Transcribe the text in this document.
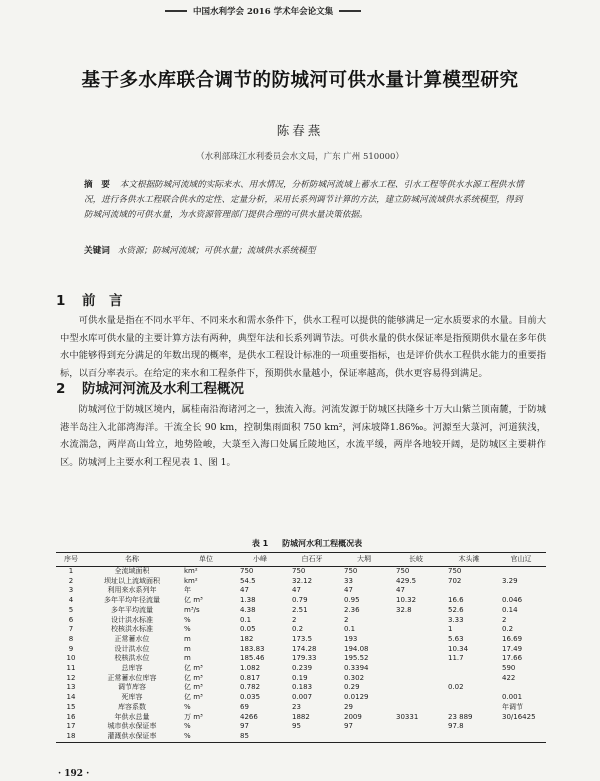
中国水利学会 2016 学术年会论文集
基于多水库联合调节的防城河可供水量计算模型研究
陈春燕
（水利部珠江水利委员会水文局，广东 广州 510000）
摘　要 本文根据防城河流域的实际来水、用水情况，分析防城河流域上蓄水工程、引水工程等供水水源工程供水情况，进行各供水工程联合供水的定性、定量分析，采用长系列调节计算的方法，建立防城河流域供水系统模型，得到防城河流域的可供水量，为水资源管理部门提供合理的可供水量决策依据。
关键词 水资源；防城河流域；可供水量；流域供水系统模型
1 前　言
可供水量是指在不同水平年、不同来水和需水条件下，供水工程可以提供的能够满足一定水质要求的水量。目前大中型水库可供水量的主要计算方法有两种，典型年法和长系列调节法。可供水量的供水保证率是指预期供水量在多年供水中能够得到充分满足的年数出现的概率，是供水工程设计标准的一项重要指标，也是评价供水工程供水能力的重要指标，以百分率表示。在给定的来水和工程条件下，预期供水量越小，保证率越高，供水更容易得到满足。
2 防城河河流及水利工程概况
防城河位于防城区境内，属桂南沿海诸河之一，独流入海。河流发源于防城区扶隆乡十万大山紫兰顶南麓，于防城港半岛注入北部湾海洋。干流全长 90 km，控制集雨面积 750 km²，河床坡降1.86‰。河源至大菉河，河道狭浅，水流湍急，两岸高山耸立，地势险峻，大菉至入海口处属丘陵地区，水流平缓，两岸各地较开阔，是防城区主要耕作区。防城河上主要水利工程见表 1、图 1。
表 1 防城河水利工程概况表
序号	名称	单位	小峰	白石牙	大垌	长岐	木头滩	官山辽
1	全流域面积	km²	750	750	750	750	750	
2	坝址以上流域面积	km²	54.5	32.12	33	429.5	702	3.29
3	利用来水系列年	年	47	47	47	47		
4	多年平均年径流量	亿 m³	1.38	0.79	0.95	10.32	16.6	0.046
5	多年平均流量	m³/s	4.38	2.51	2.36	32.8	52.6	0.14
6	设计洪水标准	%	0.1	2	2		3.33	2
7	校核洪水标准	%	0.05	0.2	0.1		1	0.2
8	正常蓄水位	m	182	173.5	193		5.63	16.69
9	设计洪水位	m	183.83	174.28	194.08		10.34	17.49
10	校核洪水位	m	185.46	179.33	195.52		11.7	17.66
11	总库容	亿 m³	1.082	0.239	0.3394			590
12	正常蓄水位库容	亿 m³	0.817	0.19	0.302			422
13	调节库容	亿 m³	0.782	0.183	0.29		0.02	
14	死库容	亿 m³	0.035	0.007	0.0129			0.001
15	库容系数	%	69	23	29			年调节
16	年供水总量	万 m³	4266	1882	2009	30331	23 889	30/16425
17	城市供水保证率	%	97	95	97		97.8	
18	灌溉供水保证率	%	85					
· 192 ·
